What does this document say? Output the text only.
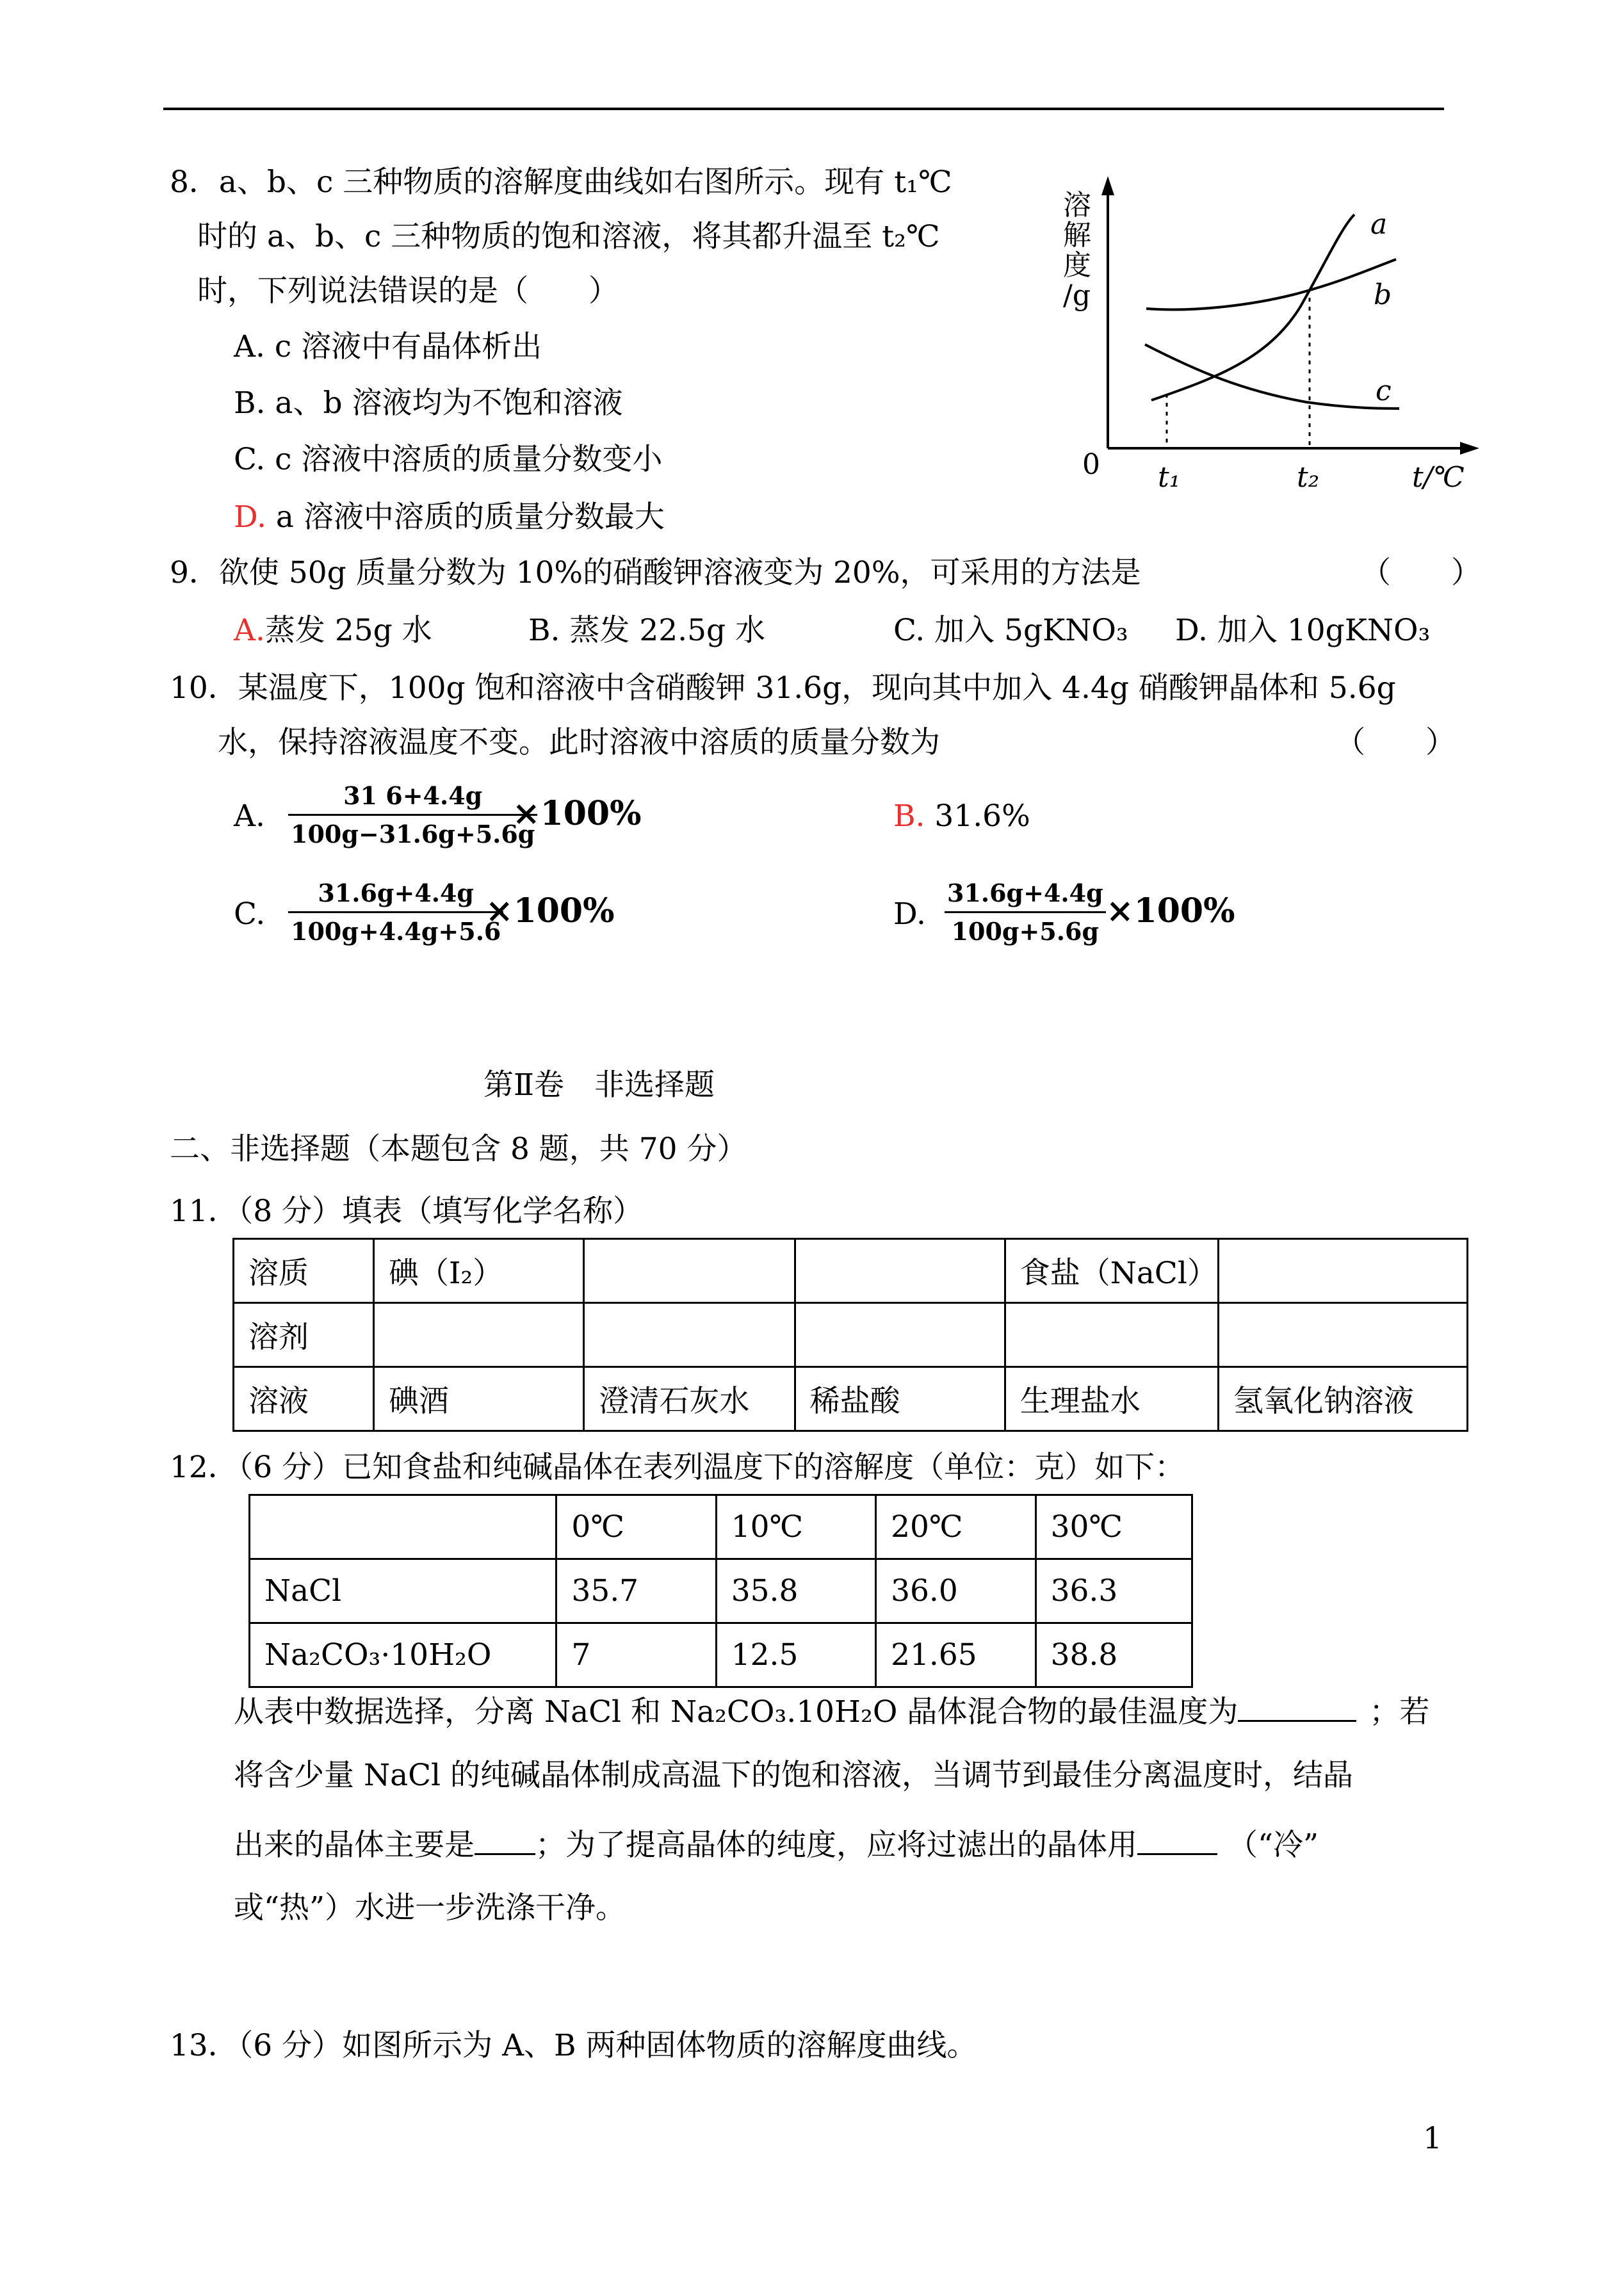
8．a、b、c 三种物质的溶解度曲线如右图所示。现有 t₁℃
时的 a、b、c 三种物质的饱和溶液，将其都升温至 t₂℃
时，下列说法错误的是（　　）
A. c 溶液中有晶体析出
B. a、b 溶液均为不饱和溶液
C. c 溶液中溶质的质量分数变小
D. a 溶液中溶质的质量分数最大
溶
解
度
/g
0 t₁	t₂	t/℃
a
b
c
9．欲使 50g 质量分数为 10%的硝酸钾溶液变为 20%，可采用的方法是	（　　）
A.蒸发 25g 水	B. 蒸发 22.5g 水	C. 加入 5gKNO₃ D. 加入 10gKNO₃
10．某温度下，100g 饱和溶液中含硝酸钾 31.6g，现向其中加入 4.4g 硝酸钾晶体和 5.6g
水，保持溶液温度不变。此时溶液中溶质的质量分数为	（　　）
A. $\frac{31 6+4.4g}{100g-31.6g+5.6g}$
×100%	B. 31.6%
C. $\frac{31.6g+4.4g}{100g+4.4g+5.6}$
×100%	D. $\frac{31.6g+4.4g}{100g+5.6g} \times 100\%$
第Ⅱ卷　非选择题
二、非选择题（本题包含 8 题，共 70 分）
11．（8 分）填表（填写化学名称）
溶质	碘（I₂）			食盐（NaCl）	
溶剂					
溶液	碘酒	澄清石灰水	稀盐酸	生理盐水	氢氧化钠溶液
12．（6 分）已知食盐和纯碱晶体在表列温度下的溶解度（单位：克）如下：
	0℃	10℃	20℃	30℃
NaCl	35.7	35.8	36.0	36.3
Na₂CO₃·10H₂O	7	12.5	21.65	38.8
从表中数据选择，分离 NaCl 和 Na₂CO₃.10H₂O 晶体混合物的最佳温度为	；若
将含少量 NaCl 的纯碱晶体制成高温下的饱和溶液，当调节到最佳分离温度时，结晶
出来的晶体主要是 ；为了提高晶体的纯度，应将过滤出的晶体用	（“冷”
或“热”）水进一步洗涤干净。
13．（6 分）如图所示为 A、B 两种固体物质的溶解度曲线。
1
